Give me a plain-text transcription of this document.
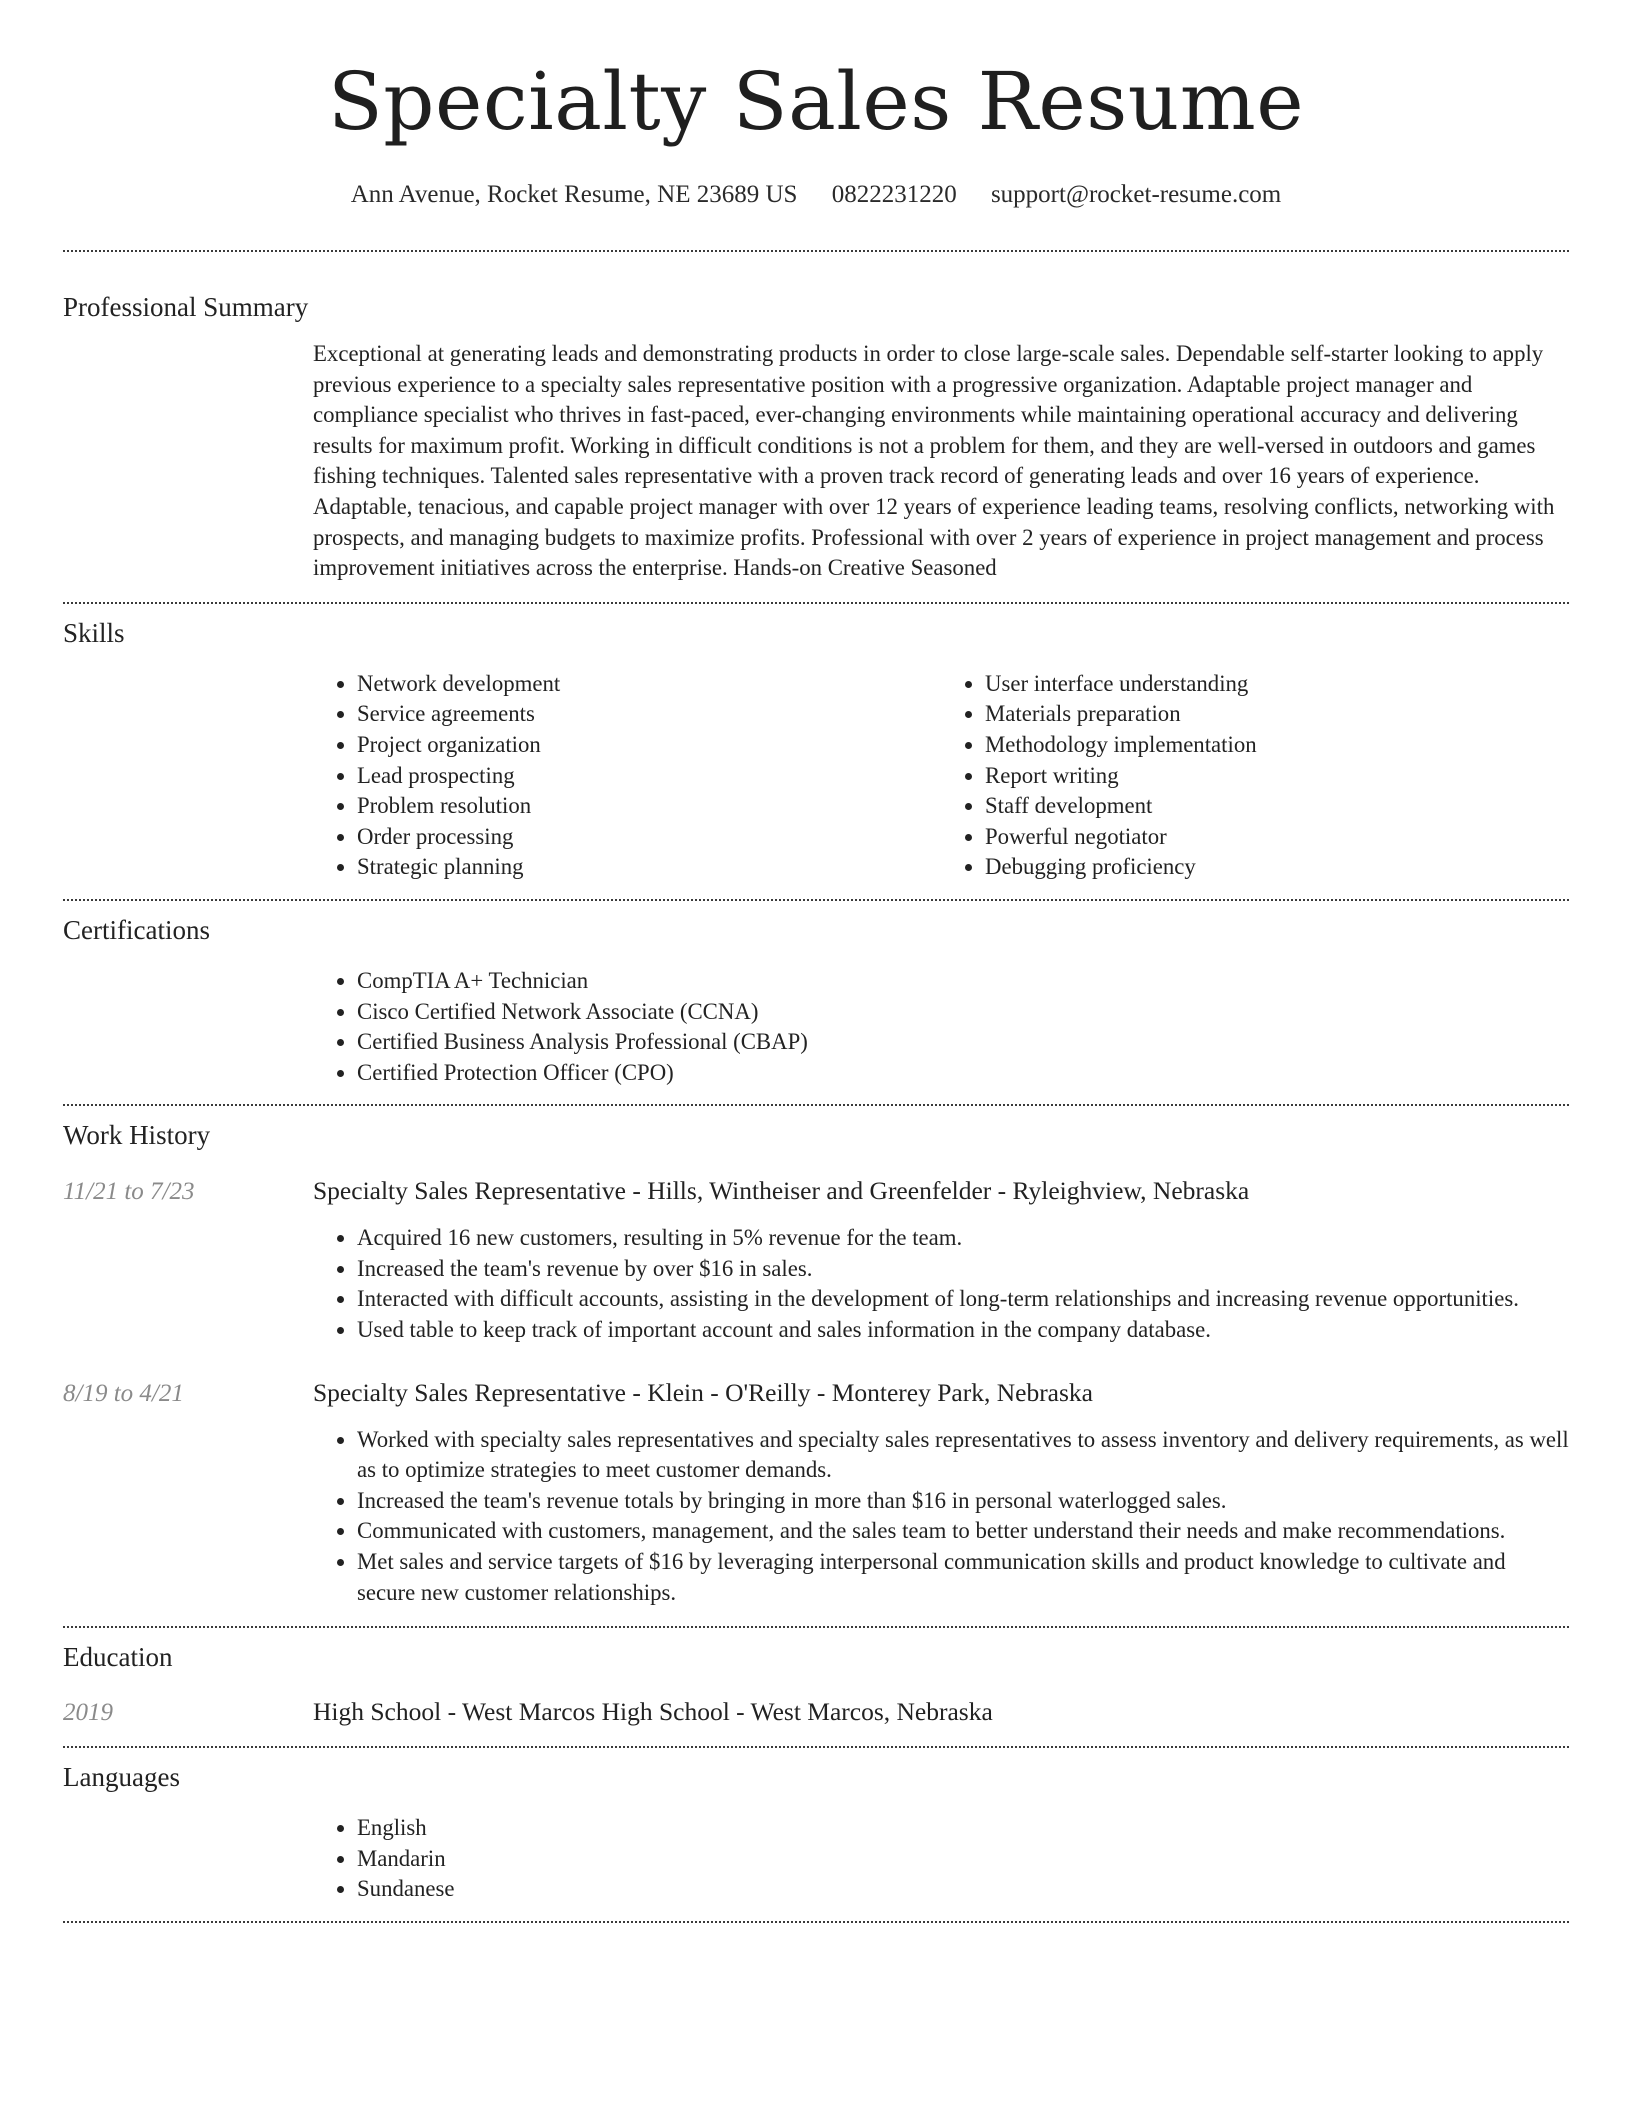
Specialty Sales Resume
Ann Avenue, Rocket Resume, NE 23689 US 0822231220 support@rocket-resume.com
Professional Summary

Exceptional at generating leads and demonstrating products in order to close large-scale sales. Dependable self-starter looking to apply previous experience to a specialty sales representative position with a progressive organization. Adaptable project manager and compliance specialist who thrives in fast-paced, ever-changing environments while maintaining operational accuracy and delivering results for maximum profit. Working in difficult conditions is not a problem for them, and they are well-versed in outdoors and games fishing techniques. Talented sales representative with a proven track record of generating leads and over 16 years of experience. Adaptable, tenacious, and capable project manager with over 12 years of experience leading teams, resolving conflicts, networking with prospects, and managing budgets to maximize profits. Professional with over 2 years of experience in project management and process improvement initiatives across the enterprise. Hands-on Creative Seasoned

Skills
• Network development
• Service agreements
• Project organization
• Lead prospecting
• Problem resolution
• Order processing
• Strategic planning
• User interface understanding
• Materials preparation
• Methodology implementation
• Report writing
• Staff development
• Powerful negotiator
• Debugging proficiency
Certifications
• CompTIA A+ Technician
• Cisco Certified Network Associate (CCNA)
• Certified Business Analysis Professional (CBAP)
• Certified Protection Officer (CPO)
Work History
11/21 to 7/23	Specialty Sales Representative - Hills, Wintheiser and Greenfelder - Ryleighview, Nebraska
• Acquired 16 new customers, resulting in 5% revenue for the team.
• Increased the team's revenue by over $16 in sales.
• Interacted with difficult accounts, assisting in the development of long-term relationships and increasing revenue opportunities.
• Used table to keep track of important account and sales information in the company database.
8/19 to 4/21	Specialty Sales Representative - Klein - O'Reilly - Monterey Park, Nebraska
• Worked with specialty sales representatives and specialty sales representatives to assess inventory and delivery requirements, as well as to optimize strategies to meet customer demands.
• Increased the team's revenue totals by bringing in more than $16 in personal waterlogged sales.
• Communicated with customers, management, and the sales team to better understand their needs and make recommendations.
• Met sales and service targets of $16 by leveraging interpersonal communication skills and product knowledge to cultivate and secure new customer relationships.
Education
2019	High School - West Marcos High School - West Marcos, Nebraska
Languages
• English
• Mandarin
• Sundanese
